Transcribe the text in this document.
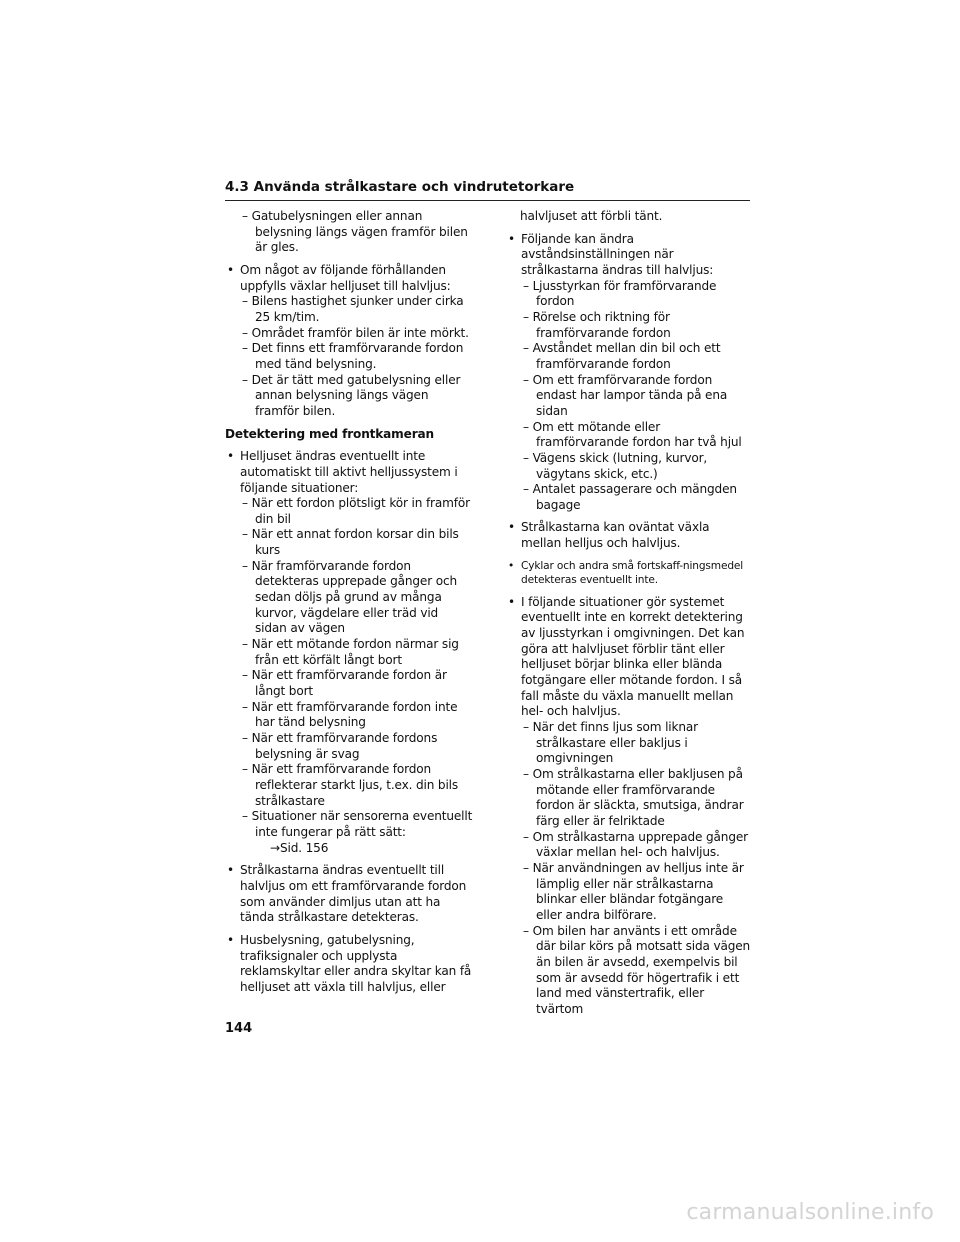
4.3 Använda strålkastare och vindrutetorkare
– Gatubelysningen eller annan belysning längs vägen framför bilen är gles.
• Om något av följande förhållanden uppfylls växlar helljuset till halvljus:
– Bilens hastighet sjunker under cirka 25 km/tim.
– Området framför bilen är inte mörkt.
– Det finns ett framförvarande fordon med tänd belysning.
– Det är tätt med gatubelysning eller annan belysning längs vägen framför bilen.
Detektering med frontkameran
• Helljuset ändras eventuellt inte automatiskt till aktivt helljussystem i följande situationer:
– När ett fordon plötsligt kör in framför din bil
– När ett annat fordon korsar din bils kurs
– När framförvarande fordon detekteras upprepade gånger och sedan döljs på grund av många kurvor, vägdelare eller träd vid sidan av vägen
– När ett mötande fordon närmar sig från ett körfält långt bort
– När ett framförvarande fordon är långt bort
– När ett framförvarande fordon inte har tänd belysning
– När ett framförvarande fordons belysning är svag
– När ett framförvarande fordon reflekterar starkt ljus, t.ex. din bils strålkastare
– Situationer när sensorerna eventuellt inte fungerar på rätt sätt:
→Sid. 156
• Strålkastarna ändras eventuellt till halvljus om ett framförvarande fordon som använder dimljus utan att ha tända strålkastare detekteras.
• Husbelysning, gatubelysning, trafiksignaler och upplysta reklamskyltar eller andra skyltar kan få helljuset att växla till halvljus, eller
halvljuset att förbli tänt.
• Följande kan ändra avståndsinställningen när strålkastarna ändras till halvljus:
– Ljusstyrkan för framförvarande fordon
– Rörelse och riktning för framförvarande fordon
– Avståndet mellan din bil och ett framförvarande fordon
– Om ett framförvarande fordon endast har lampor tända på ena sidan
– Om ett mötande eller framförvarande fordon har två hjul
– Vägens skick (lutning, kurvor, vägytans skick, etc.)
– Antalet passagerare och mängden bagage
• Strålkastarna kan oväntat växla mellan helljus och halvljus.
• Cyklar och andra små fortskaff-ningsmedel detekteras eventuellt inte.
• I följande situationer gör systemet eventuellt inte en korrekt detektering av ljusstyrkan i omgivningen. Det kan göra att halvljuset förblir tänt eller helljuset börjar blinka eller blända fotgängare eller mötande fordon. I så fall måste du växla manuellt mellan hel- och halvljus.
– När det finns ljus som liknar strålkastare eller bakljus i omgivningen
– Om strålkastarna eller bakljusen på mötande eller framförvarande fordon är släckta, smutsiga, ändrar färg eller är felriktade
– Om strålkastarna upprepade gånger växlar mellan hel- och halvljus.
– När användningen av helljus inte är lämplig eller när strålkastarna blinkar eller bländar fotgängare eller andra bilförare.
– Om bilen har använts i ett område där bilar körs på motsatt sida vägen än bilen är avsedd, exempelvis bil som är avsedd för högertrafik i ett land med vänstertrafik, eller tvärtom
144
carmanualsonline.info
